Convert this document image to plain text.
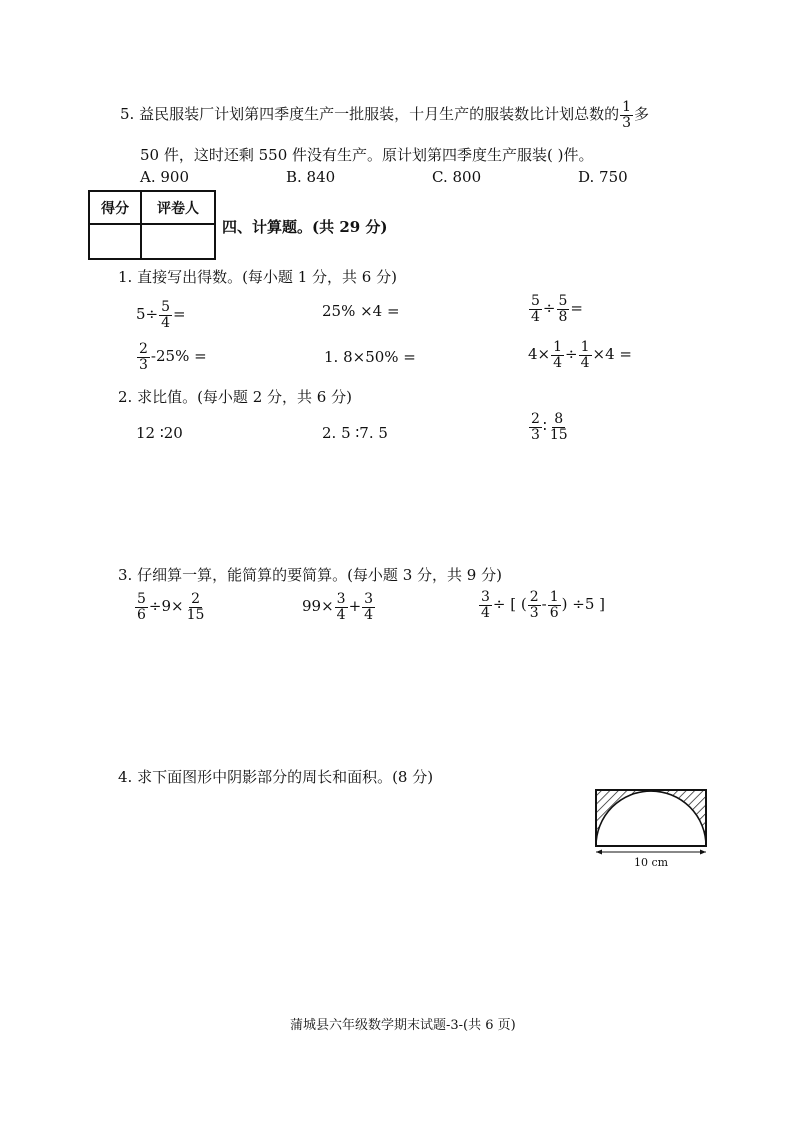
5. 益民服装厂计划第四季度生产一批服装，十月生产的服装数比计划总数的 $\frac{1}{3}$ 多
50 件，这时还剩 550 件没有生产。原计划第四季度生产服装( )件。
A. 900	B. 840	C. 800	D. 750
得分	评卷人
四、计算题。(共 29 分)
1. 直接写出得数。(每小题 1 分，共 6 分)
$5\div \frac{5}{4}$ =	25% ×4 =	$\frac{5}{4} \div \frac{5}{8}$ =
$\frac{2}{3} -25\%$ =	1. 8×50% =	$4\times \frac{1}{4} \div \frac{1}{4} \times 4$ =
2. 求比值。(每小题 2 分，共 6 分)
12 ∶20	2. 5 ∶7. 5	$\frac{2}{3}$ ∶ $\frac{8}{15}$
3. 仔细算一算，能简算的要简算。(每小题 3 分，共 9 分)
$\frac{5}{6} \div 9\times \frac{2}{15}$	$99\times \frac{3}{4} + \frac{3}{4}$	$\frac{3}{4}$ ÷ [ ( $\frac{2}{3} - \frac{1}{6}$ ) ÷5 ]
4. 求下面图形中阴影部分的周长和面积。(8 分)
10 cm
蒲城县六年级数学期末试题-3-(共 6 页)
